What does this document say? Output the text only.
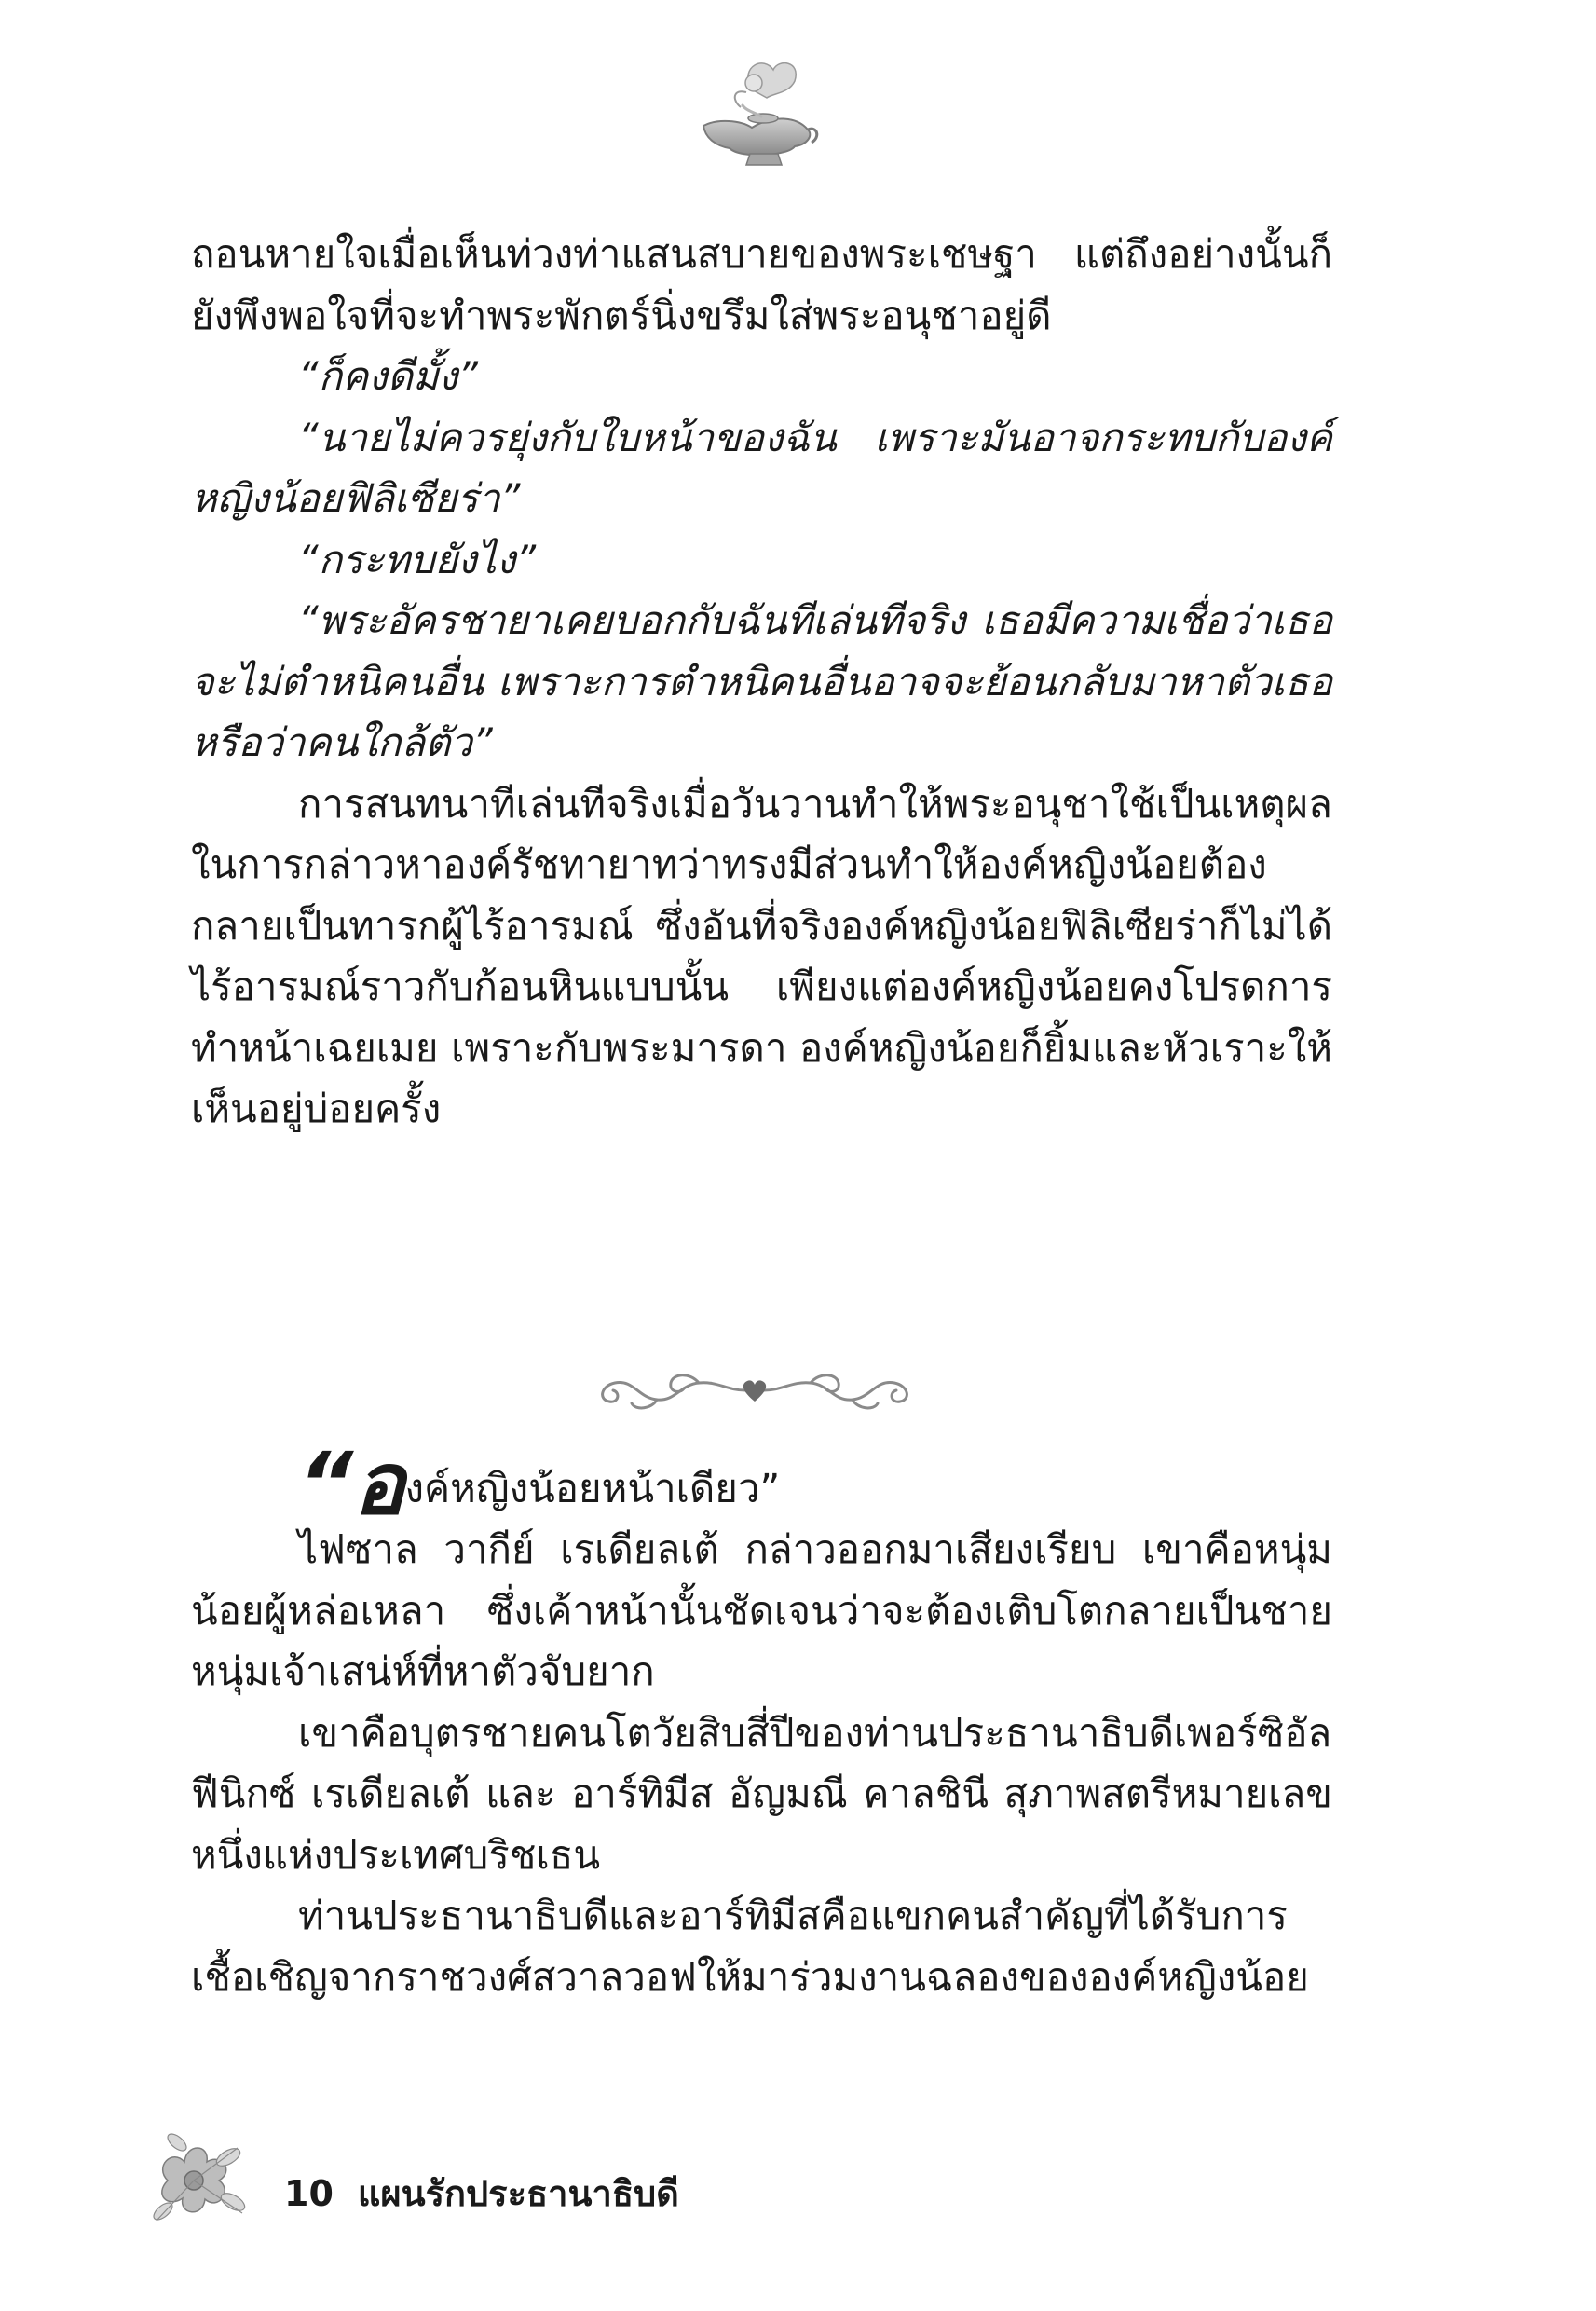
ถอนหายใจเมื่อเห็นท่วงท่าแสนสบายของพระเชษฐา แต่ถึงอย่างนั้นก็ยังพึงพอใจที่จะทำพระพักตร์นิ่งขรึมใส่พระอนุชาอยู่ดี

“ก็คงดีมั้ง”

“นายไม่ควรยุ่งกับใบหน้าของฉัน เพราะมันอาจกระทบกับองค์หญิงน้อยฟิลิเซียร่า”

“กระทบยังไง”

“พระอัครชายาเคยบอกกับฉันทีเล่นทีจริง เธอมีความเชื่อว่าเธอจะไม่ตำหนิคนอื่น เพราะการตำหนิคนอื่นอาจจะย้อนกลับมาหาตัวเธอหรือว่าคนใกล้ตัว”

การสนทนาทีเล่นทีจริงเมื่อวันวานทำให้พระอนุชาใช้เป็นเหตุผลในการกล่าวหาองค์รัชทายาทว่าทรงมีส่วนทำให้องค์หญิงน้อยต้องกลายเป็นทารกผู้ไร้อารมณ์ ซึ่งอันที่จริงองค์หญิงน้อยฟิลิเซียร่าก็ไม่ได้ไร้อารมณ์ราวกับก้อนหินแบบนั้น เพียงแต่องค์หญิงน้อยคงโปรดการทำหน้าเฉยเมย เพราะกับพระมารดา องค์หญิงน้อยก็ยิ้มและหัวเราะให้เห็นอยู่บ่อยครั้ง

“องค์หญิงน้อยหน้าเดียว”

ไฟซาล วากีย์ เรเดียลเต้ กล่าวออกมาเสียงเรียบ เขาคือหนุ่มน้อยผู้หล่อเหลา ซึ่งเค้าหน้านั้นชัดเจนว่าจะต้องเติบโตกลายเป็นชายหนุ่มเจ้าเสน่ห์ที่หาตัวจับยาก

เขาคือบุตรชายคนโตวัยสิบสี่ปีของท่านประธานาธิบดีเพอร์ซิอัล ฟีนิกซ์ เรเดียลเต้ และ อาร์ทิมีส อัญมณี คาลชินี สุภาพสตรีหมายเลขหนึ่งแห่งประเทศบริชเธน

ท่านประธานาธิบดีและอาร์ทิมีสคือแขกคนสำคัญที่ได้รับการเชื้อเชิญจากราชวงศ์สวาลวอฟให้มาร่วมงานฉลองขององค์หญิงน้อย

10 แผนรักประธานาธิบดี
